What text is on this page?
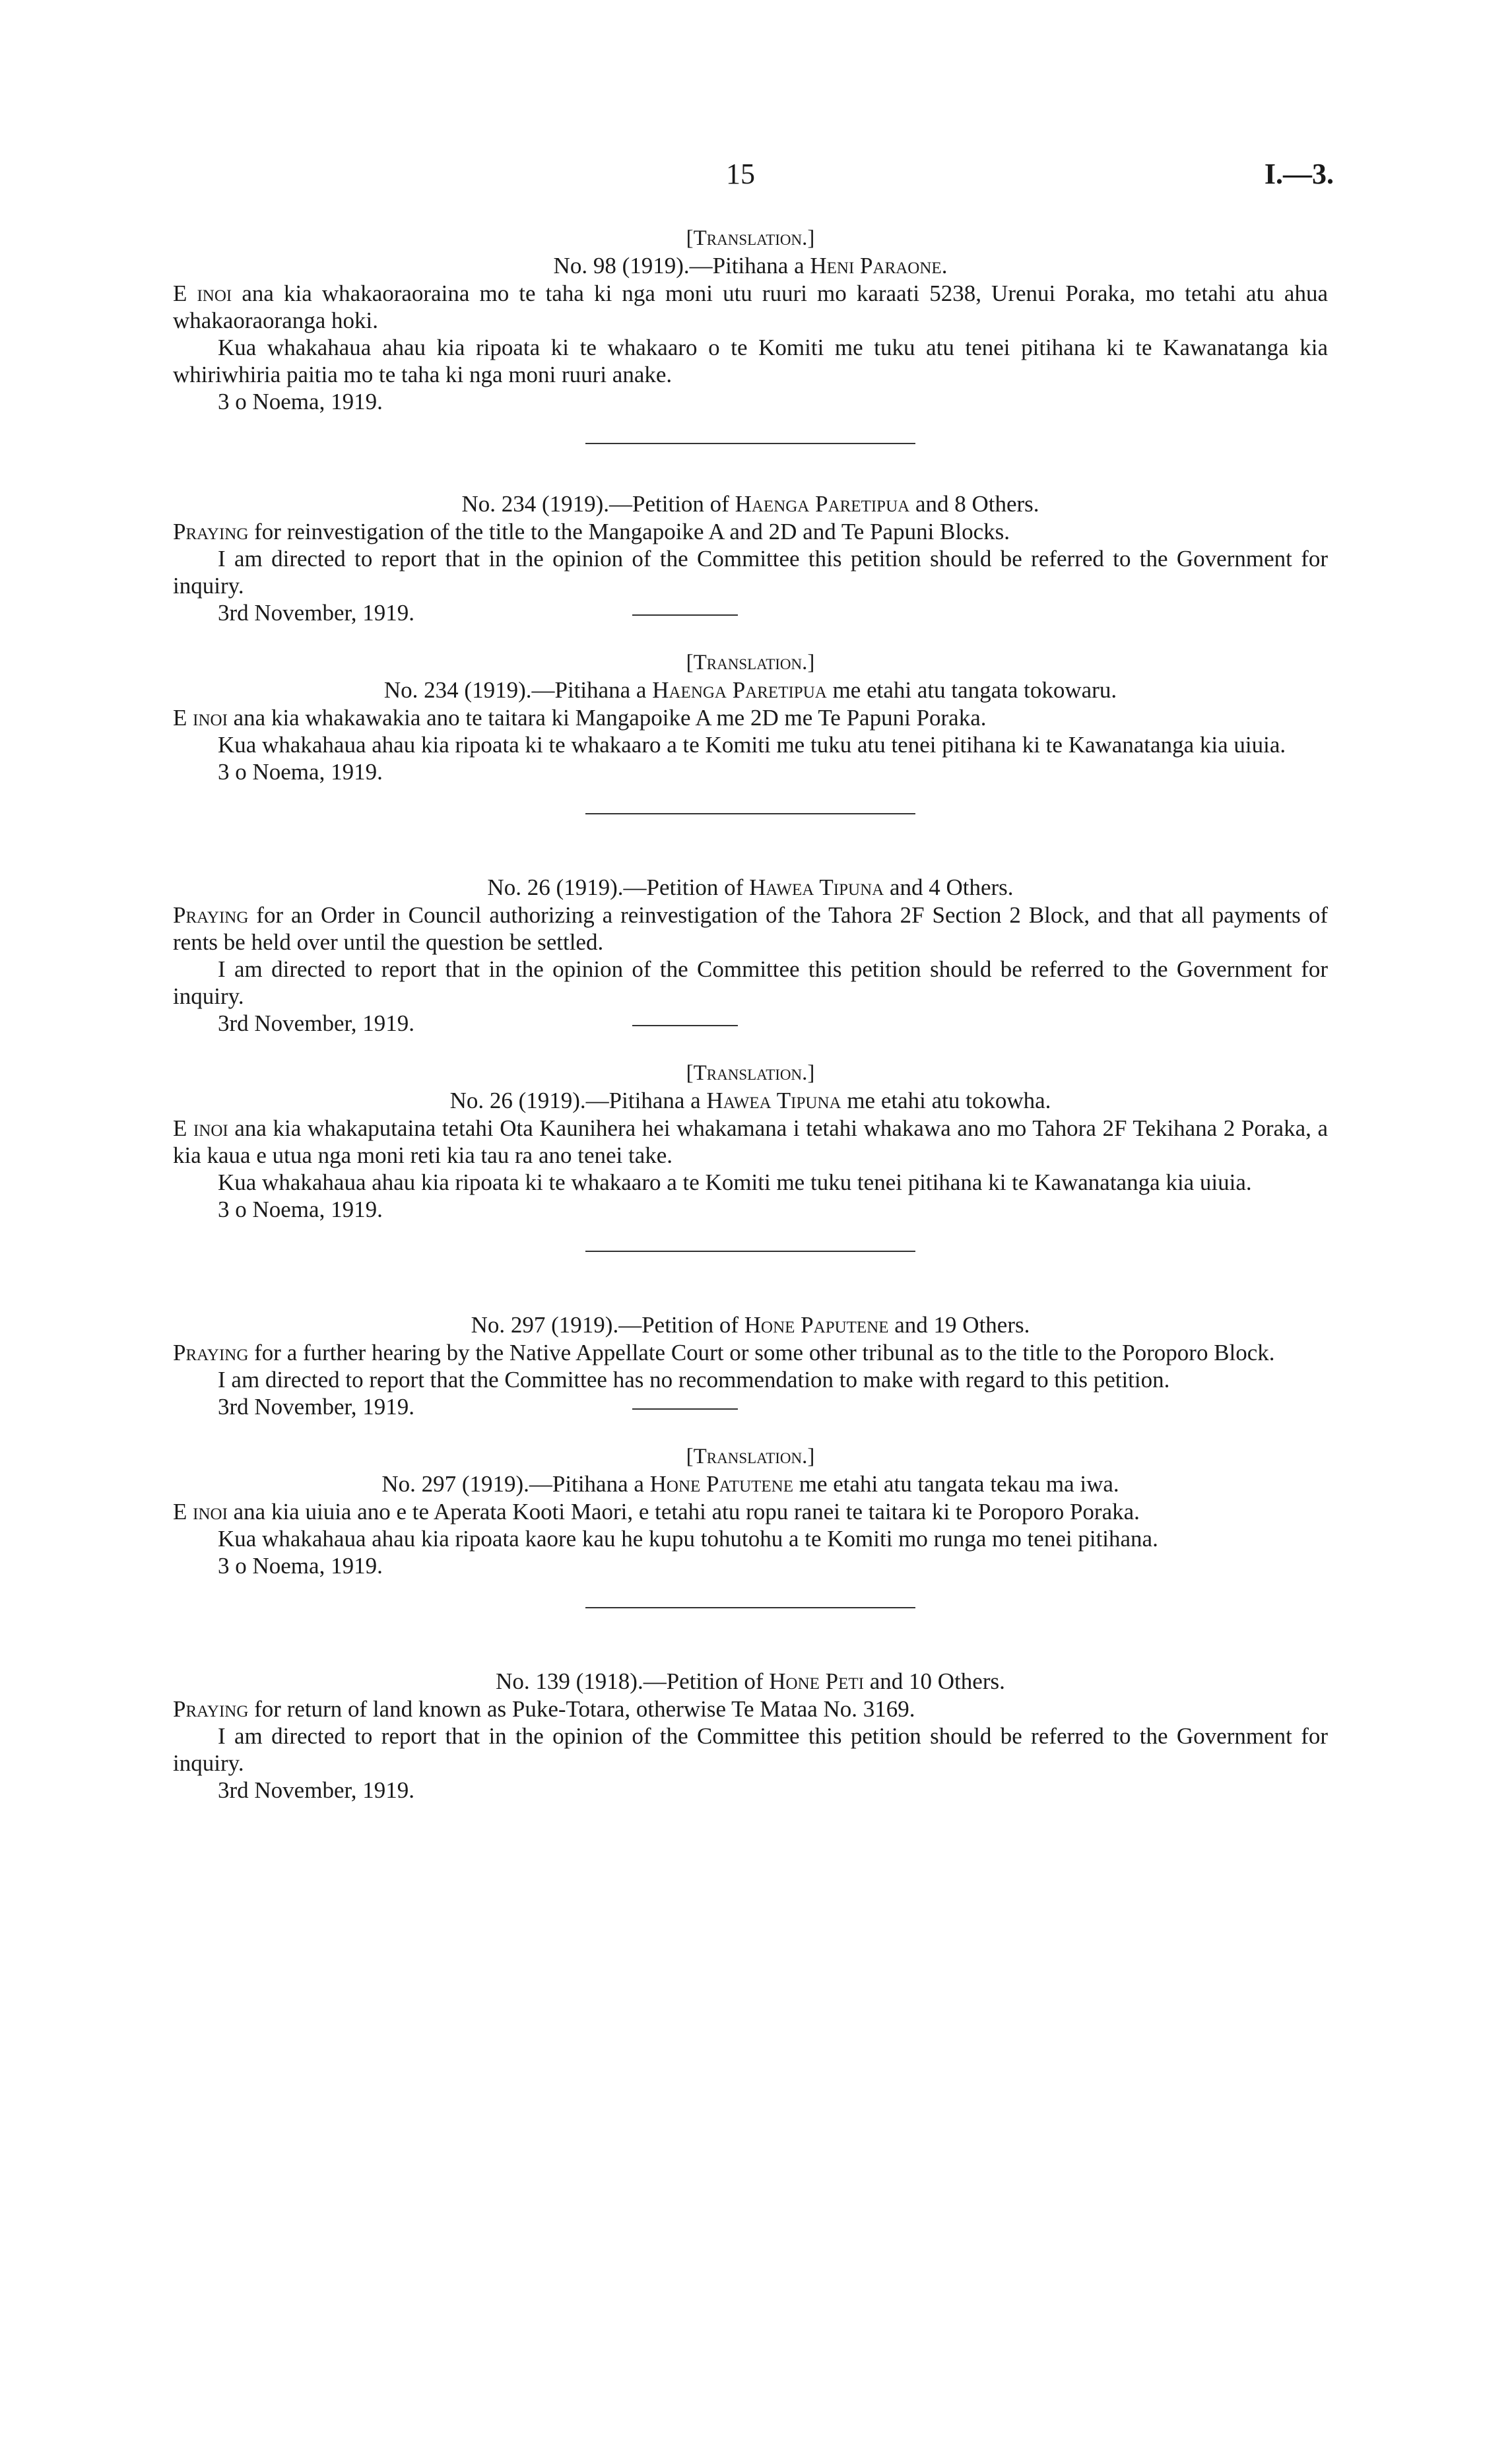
15	I.—3.

[Translation.]

No. 98 (1919).—Pitihana a Heni Paraone.

E inoi ana kia whakaoraoraina mo te taha ki nga moni utu ruuri mo karaati 5238, Urenui Poraka, mo tetahi atu ahua whakaoraoranga hoki.

Kua whakahaua ahau kia ripoata ki te whakaaro o te Komiti me tuku atu tenei pitihana ki te Kawanatanga kia whiriwhiria paitia mo te taha ki nga moni ruuri anake.

3 o Noema, 1919.

No. 234 (1919).—Petition of Haenga Paretipua and 8 Others.

Praying for reinvestigation of the title to the Mangapoike A and 2D and Te Papuni Blocks.

I am directed to report that in the opinion of the Committee this petition should be referred to the Government for inquiry.

3rd November, 1919.

[Translation.]

No. 234 (1919).—Pitihana a Haenga Paretipua me etahi atu tangata tokowaru.

E inoi ana kia whakawakia ano te taitara ki Mangapoike A me 2D me Te Papuni Poraka.

Kua whakahaua ahau kia ripoata ki te whakaaro a te Komiti me tuku atu tenei pitihana ki te Kawanatanga kia uiuia.

3 o Noema, 1919.

No. 26 (1919).—Petition of Hawea Tipuna and 4 Others.

Praying for an Order in Council authorizing a reinvestigation of the Tahora 2F Section 2 Block, and that all payments of rents be held over until the question be settled.

I am directed to report that in the opinion of the Committee this petition should be referred to the Government for inquiry.

3rd November, 1919.

[Translation.]

No. 26 (1919).—Pitihana a Hawea Tipuna me etahi atu tokowha.

E inoi ana kia whakaputaina tetahi Ota Kaunihera hei whakamana i tetahi whakawa ano mo Tahora 2F Tekihana 2 Poraka, a kia kaua e utua nga moni reti kia tau ra ano tenei take.

Kua whakahaua ahau kia ripoata ki te whakaaro a te Komiti me tuku tenei pitihana ki te Kawanatanga kia uiuia.

3 o Noema, 1919.

No. 297 (1919).—Petition of Hone Paputene and 19 Others.

Praying for a further hearing by the Native Appellate Court or some other tribunal as to the title to the Poroporo Block.

I am directed to report that the Committee has no recommendation to make with regard to this petition.

3rd November, 1919.

[Translation.]

No. 297 (1919).—Pitihana a Hone Patutene me etahi atu tangata tekau ma iwa.

E inoi ana kia uiuia ano e te Aperata Kooti Maori, e tetahi atu ropu ranei te taitara ki te Poroporo Poraka.

Kua whakahaua ahau kia ripoata kaore kau he kupu tohutohu a te Komiti mo runga mo tenei pitihana.

3 o Noema, 1919.

No. 139 (1918).—Petition of Hone Peti and 10 Others.

Praying for return of land known as Puke-Totara, otherwise Te Mataa No. 3169.

I am directed to report that in the opinion of the Committee this petition should be referred to the Government for inquiry.

3rd November, 1919.
